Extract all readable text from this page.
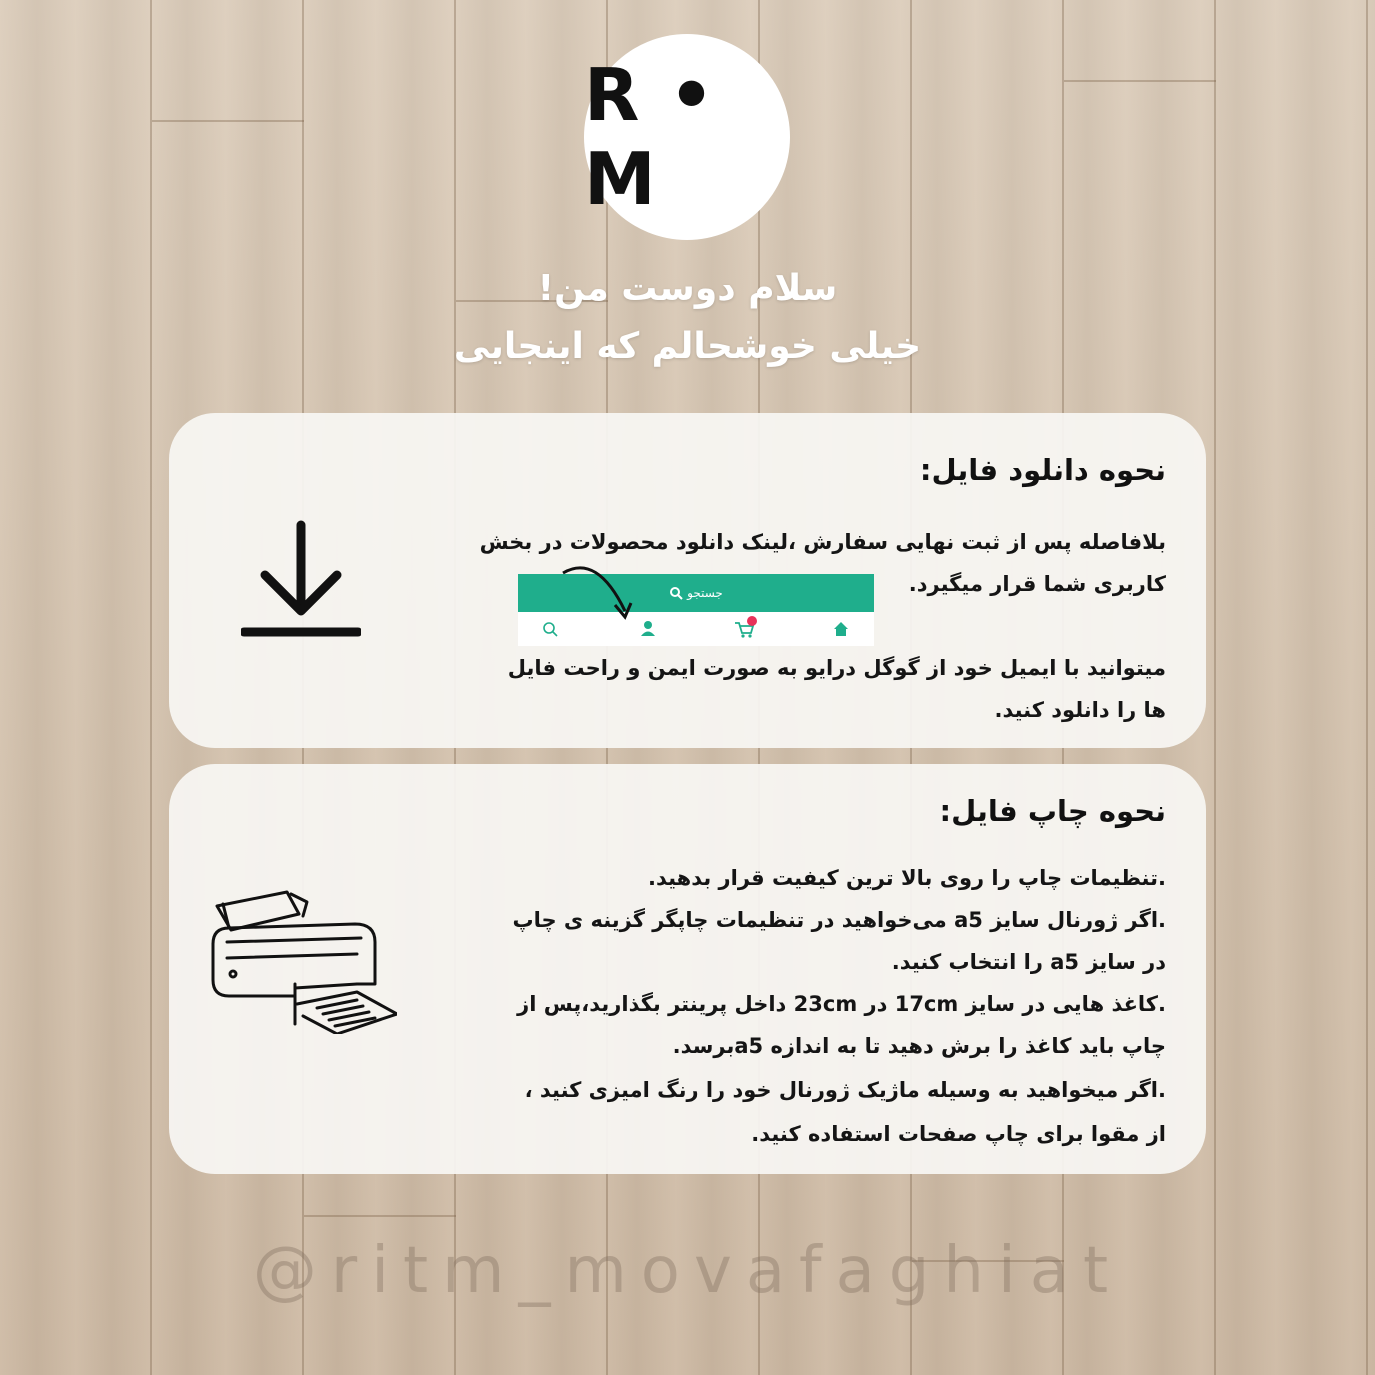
R • M
سلام دوست من!
خیلی خوشحالم که اینجایی
نحوه دانلود فایل:

بلافاصله پس از ثبت نهایی سفارش ،لینک دانلود محصولات در بخش

کاربری شما قرار میگیرد.

جستجو

میتوانید با ایمیل خود از گوگل درایو به صورت ایمن و راحت فایل

ها را دانلود کنید.

نحوه چاپ فایل:

.تنظیمات چاپ را روی بالا ترین کیفیت قرار بدهید.

.اگر ژورنال سایز a5 می‌خواهید در تنظیمات چاپگر گزینه ی چاپ

در سایز a5 را انتخاب کنید.

.کاغذ هایی در سایز 17cm در 23cm داخل پرینتر بگذارید،پس از

چاپ باید کاغذ را برش دهید تا به اندازه a5برسد.

.اگر میخواهید به وسیله ماژیک ژورنال خود را رنگ امیزی کنید ،

از مقوا برای چاپ صفحات استفاده کنید.

@ritm_movafaghiat
